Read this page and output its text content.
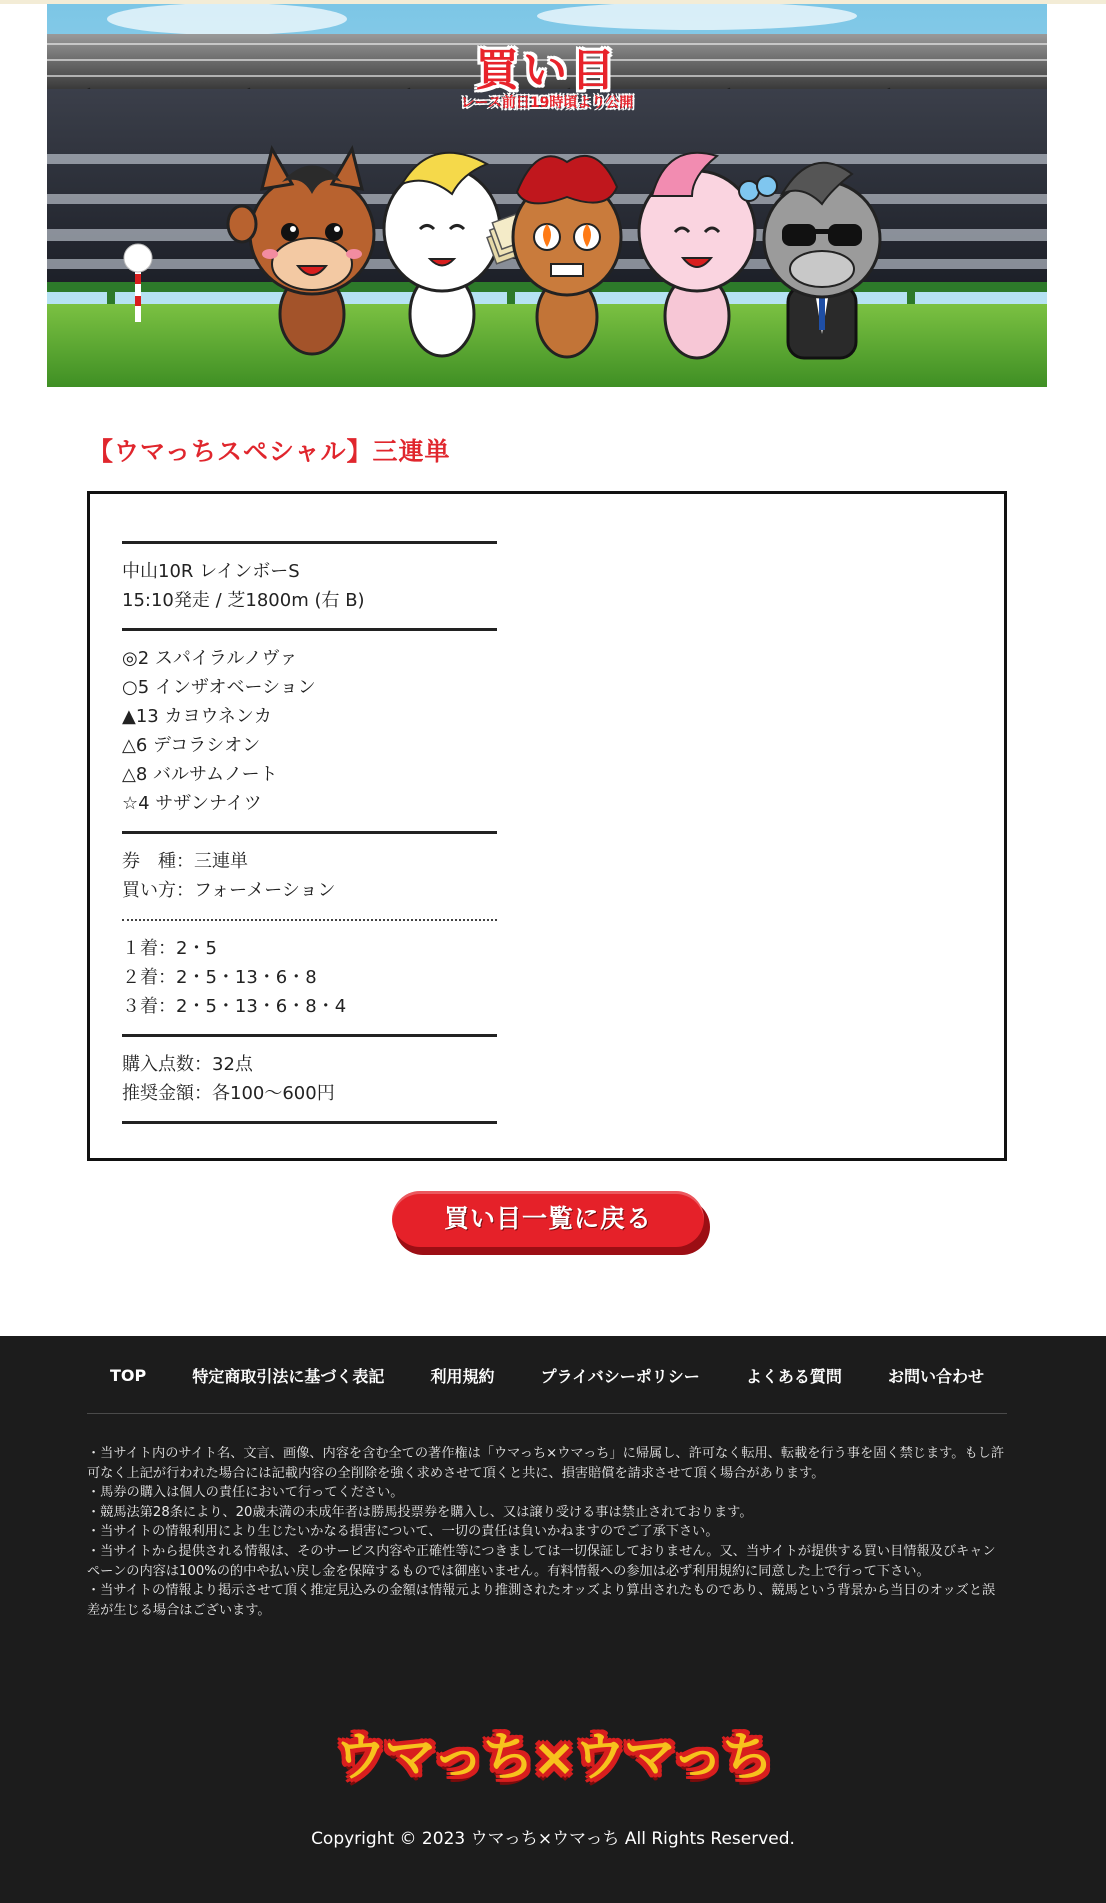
買い目
レース前日19時頃より公開
【ウマっちスペシャル】三連単
中山10R レインボーS
15:10発走 / 芝1800m (右 B)
◎2 スパイラルノヴァ
○5 インザオベーション
▲13 カヨウネンカ
△6 デコラシオン
△8 バルサムノート
☆4 サザンナイツ
券　種：三連単
買い方：フォーメーション
１着：2・5
２着：2・5・13・6・8
３着：2・5・13・6・8・4
購入点数：32点
推奨金額：各100〜600円
買い目一覧に戻る
TOP	特定商取引法に基づく表記	利用規約	プライバシーポリシー	よくある質問	お問い合わせ

・当サイト内のサイト名、文言、画像、内容を含む全ての著作権は「ウマっち×ウマっち」に帰属し、許可なく転用、転載を行う事を固く禁じます。もし許可なく上記が行われた場合には記載内容の全削除を強く求めさせて頂くと共に、損害賠償を請求させて頂く場合があります。

・馬券の購入は個人の責任において行ってください。

・競馬法第28条により、20歳未満の未成年者は勝馬投票券を購入し、又は譲り受ける事は禁止されております。

・当サイトの情報利用により生じたいかなる損害について、一切の責任は負いかねますのでご了承下さい。

・当サイトから提供される情報は、そのサービス内容や正確性等につきましては一切保証しておりません。又、当サイトが提供する買い目情報及びキャンペーンの内容は100%の的中や払い戻し金を保障するものでは御座いません。有料情報への参加は必ず利用規約に同意した上で行って下さい。

・当サイトの情報より掲示させて頂く推定見込みの金額は情報元より推測されたオッズより算出されたものであり、競馬という背景から当日のオッズと誤差が生じる場合はございます。

ウマっち×ウマっち
Copyright © 2023 ウマっち×ウマっち All Rights Reserved.
